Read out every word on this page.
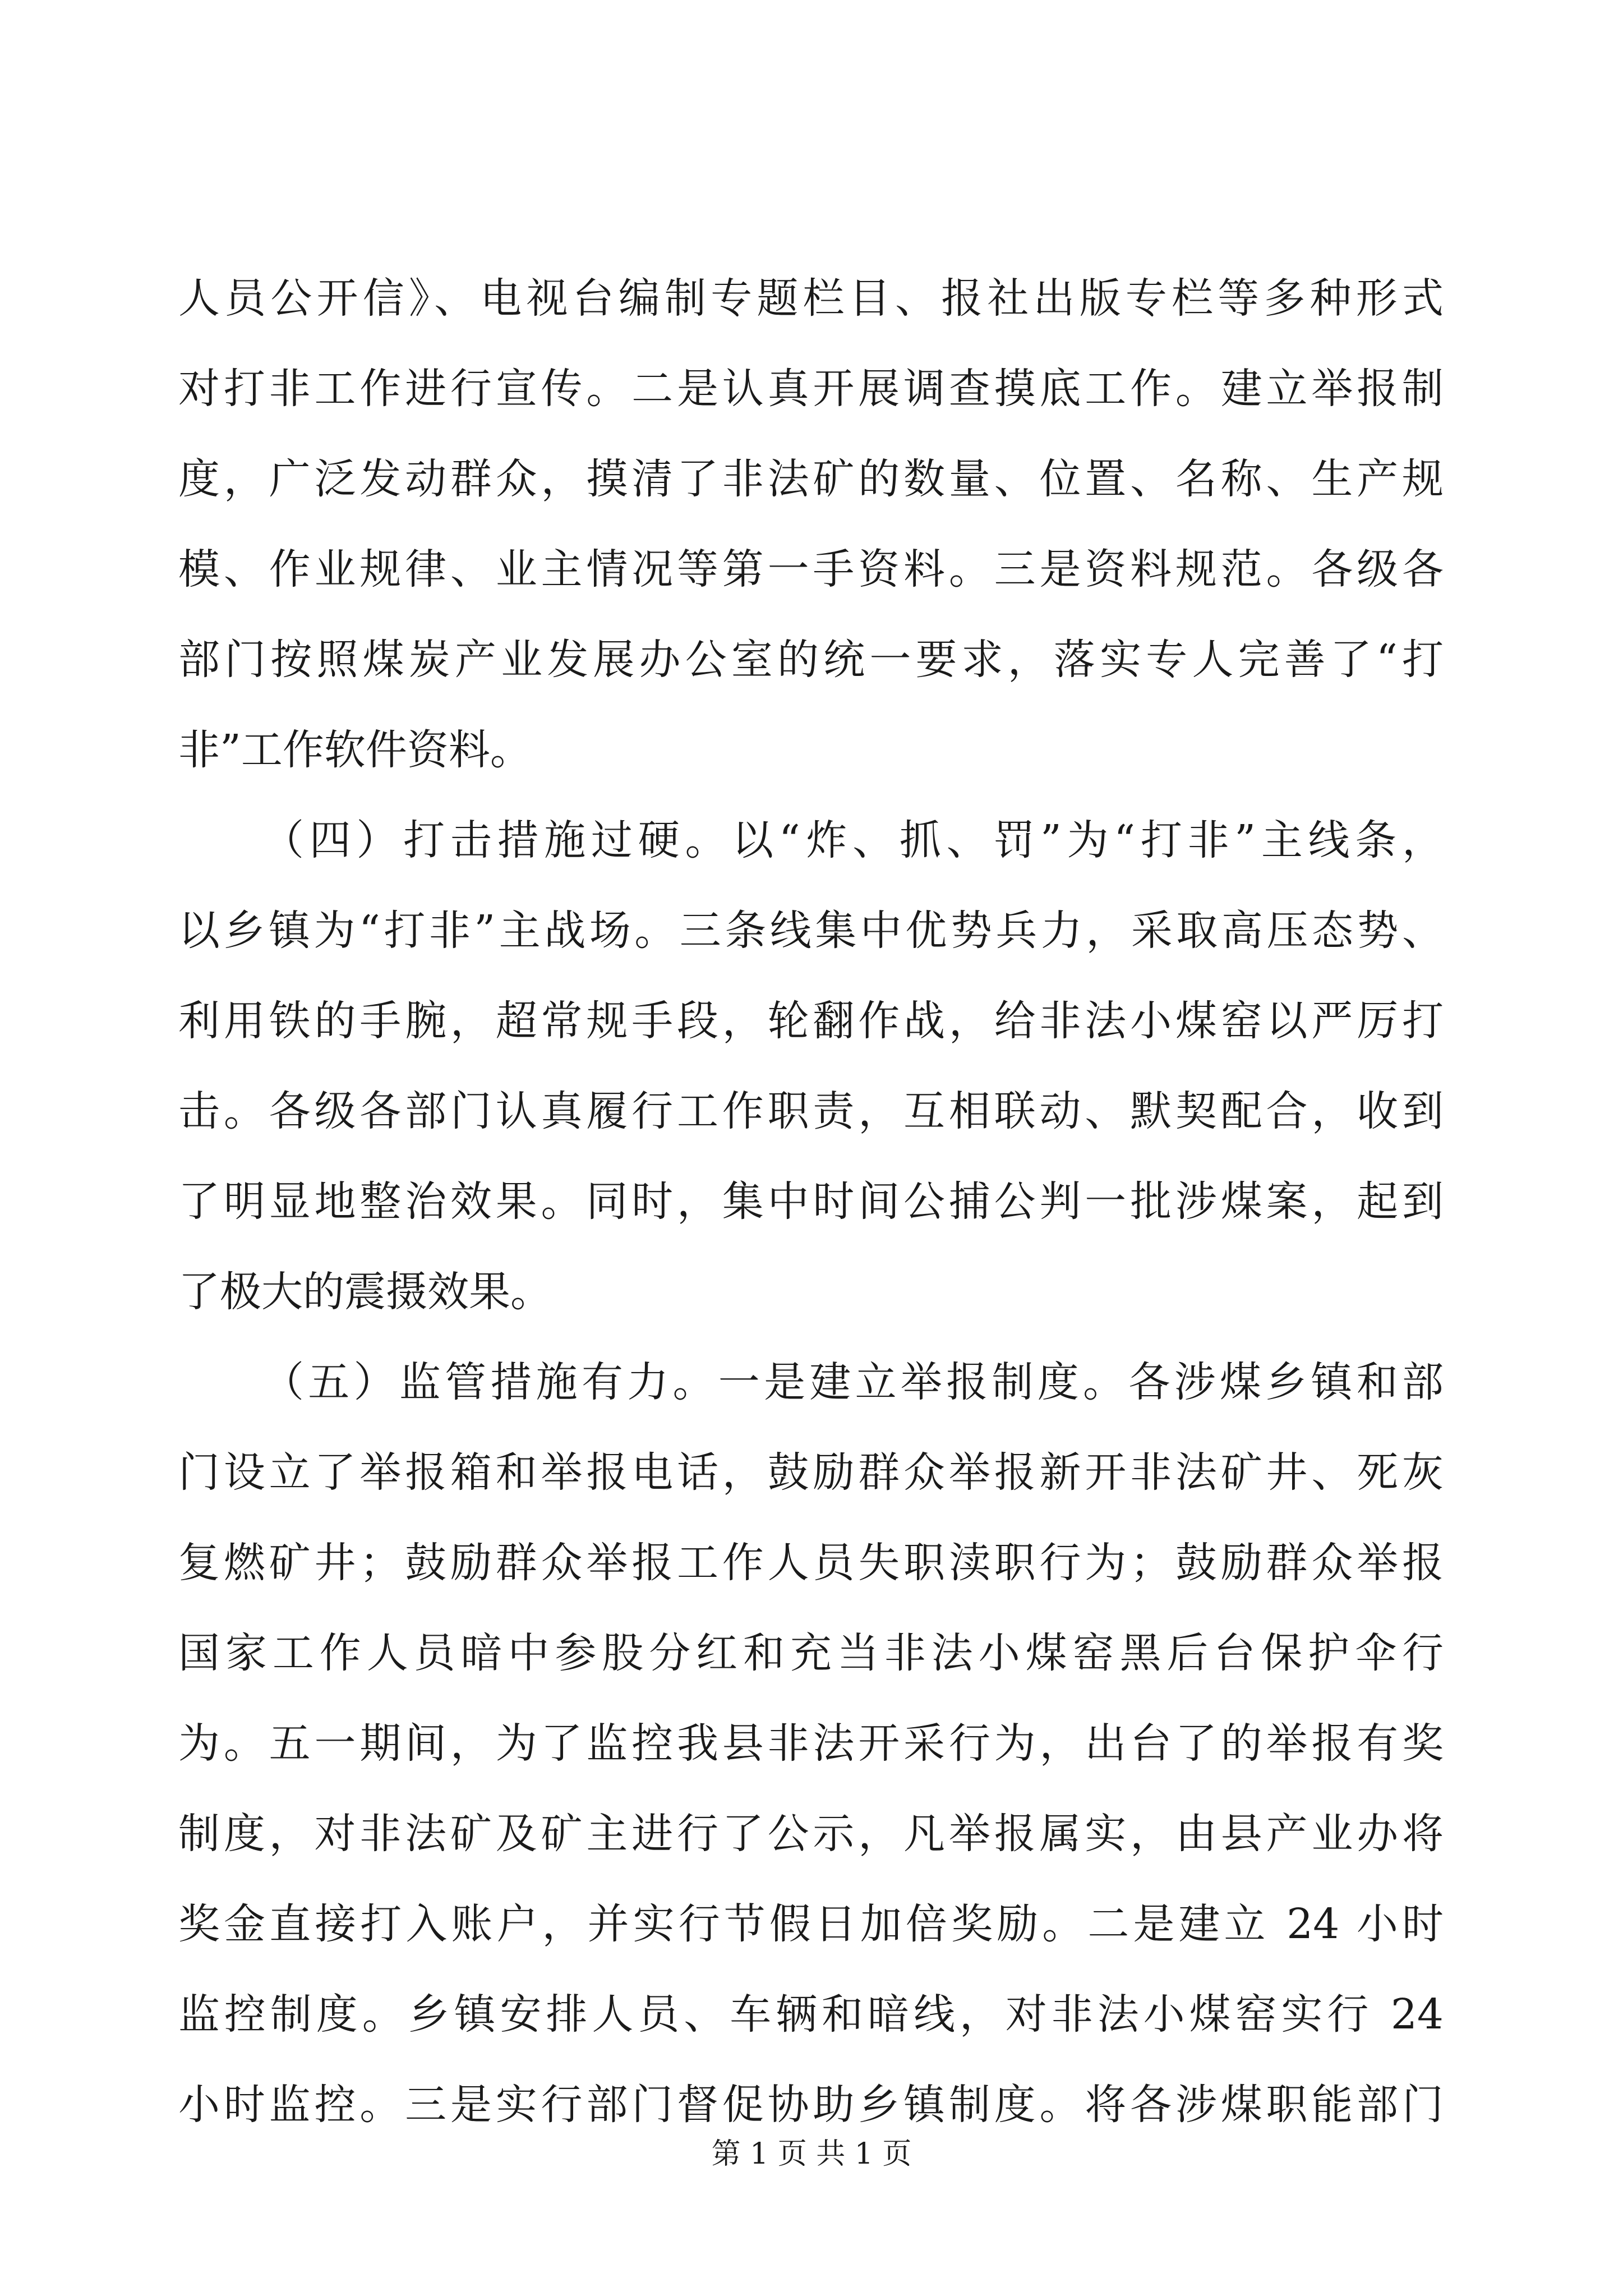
人员公开信》、电视台编制专题栏目、报社出版专栏等多种形式
对打非工作进行宣传。二是认真开展调查摸底工作。建立举报制
度，广泛发动群众，摸清了非法矿的数量、位置、名称、生产规
模、作业规律、业主情况等第一手资料。三是资料规范。各级各
部门按照煤炭产业发展办公室的统一要求，落实专人完善了“打
非”工作软件资料。
（四）打击措施过硬。以“炸、抓、罚”为“打非”主线条，
以乡镇为“打非”主战场。三条线集中优势兵力，采取高压态势、
利用铁的手腕，超常规手段，轮翻作战，给非法小煤窑以严厉打
击。各级各部门认真履行工作职责，互相联动、默契配合，收到
了明显地整治效果。同时，集中时间公捕公判一批涉煤案，起到
了极大的震摄效果。
（五）监管措施有力。一是建立举报制度。各涉煤乡镇和部
门设立了举报箱和举报电话，鼓励群众举报新开非法矿井、死灰
复燃矿井；鼓励群众举报工作人员失职渎职行为；鼓励群众举报
国家工作人员暗中参股分红和充当非法小煤窑黑后台保护伞行
为。五一期间，为了监控我县非法开采行为，出台了的举报有奖
制度，对非法矿及矿主进行了公示，凡举报属实，由县产业办将
奖金直接打入账户，并实行节假日加倍奖励。二是建立 24 小时
监控制度。乡镇安排人员、车辆和暗线，对非法小煤窑实行 24
小时监控。三是实行部门督促协助乡镇制度。将各涉煤职能部门
第 1 页 共 1 页
